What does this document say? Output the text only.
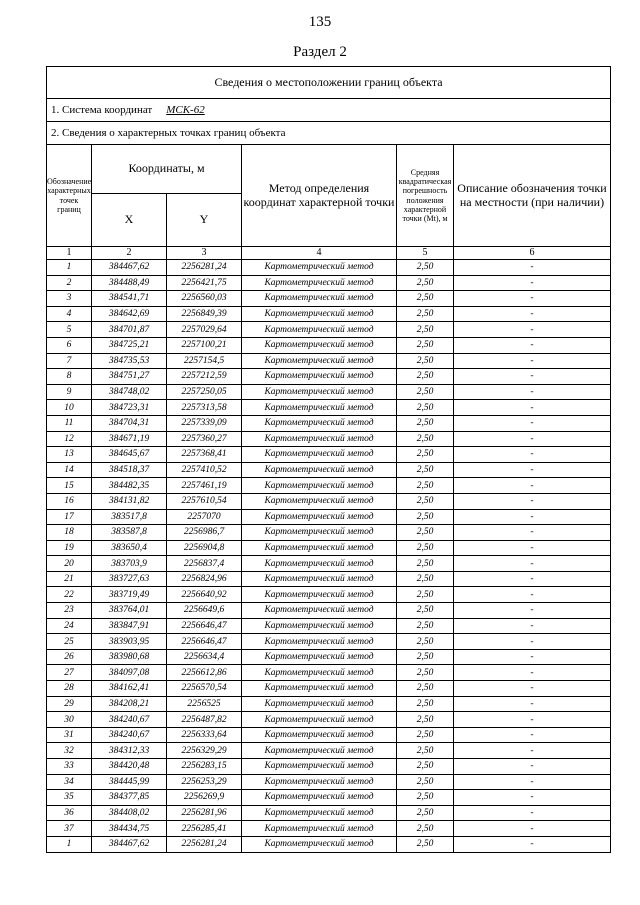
135
Раздел 2
Сведения о местоположении границ объекта					
1. Система координат МСК-62					
2. Сведения о характерных точках границ объекта					
Обозначение характерных точек границ	Координаты, м		Метод определения координат характерной точки	Средняя квадратическая погрешность положения характерной точки (Mt), м	Описание обозначения точки на местности (при наличии)
	X	Y			
1	2	3	4	5	6
1	384467,62	2256281,24	Картометрический метод	2,50	-
2	384488,49	2256421,75	Картометрический метод	2,50	-
3	384541,71	2256560,03	Картометрический метод	2,50	-
4	384642,69	2256849,39	Картометрический метод	2,50	-
5	384701,87	2257029,64	Картометрический метод	2,50	-
6	384725,21	2257100,21	Картометрический метод	2,50	-
7	384735,53	2257154,5	Картометрический метод	2,50	-
8	384751,27	2257212,59	Картометрический метод	2,50	-
9	384748,02	2257250,05	Картометрический метод	2,50	-
10	384723,31	2257313,58	Картометрический метод	2,50	-
11	384704,31	2257339,09	Картометрический метод	2,50	-
12	384671,19	2257360,27	Картометрический метод	2,50	-
13	384645,67	2257368,41	Картометрический метод	2,50	-
14	384518,37	2257410,52	Картометрический метод	2,50	-
15	384482,35	2257461,19	Картометрический метод	2,50	-
16	384131,82	2257610,54	Картометрический метод	2,50	-
17	383517,8	2257070	Картометрический метод	2,50	-
18	383587,8	2256986,7	Картометрический метод	2,50	-
19	383650,4	2256904,8	Картометрический метод	2,50	-
20	383703,9	2256837,4	Картометрический метод	2,50	-
21	383727,63	2256824,96	Картометрический метод	2,50	-
22	383719,49	2256640,92	Картометрический метод	2,50	-
23	383764,01	2256649,6	Картометрический метод	2,50	-
24	383847,91	2256646,47	Картометрический метод	2,50	-
25	383903,95	2256646,47	Картометрический метод	2,50	-
26	383980,68	2256634,4	Картометрический метод	2,50	-
27	384097,08	2256612,86	Картометрический метод	2,50	-
28	384162,41	2256570,54	Картометрический метод	2,50	-
29	384208,21	2256525	Картометрический метод	2,50	-
30	384240,67	2256487,82	Картометрический метод	2,50	-
31	384240,67	2256333,64	Картометрический метод	2,50	-
32	384312,33	2256329,29	Картометрический метод	2,50	-
33	384420,48	2256283,15	Картометрический метод	2,50	-
34	384445,99	2256253,29	Картометрический метод	2,50	-
35	384377,85	2256269,9	Картометрический метод	2,50	-
36	384408,02	2256281,96	Картометрический метод	2,50	-
37	384434,75	2256285,41	Картометрический метод	2,50	-
1	384467,62	2256281,24	Картометрический метод	2,50	-
